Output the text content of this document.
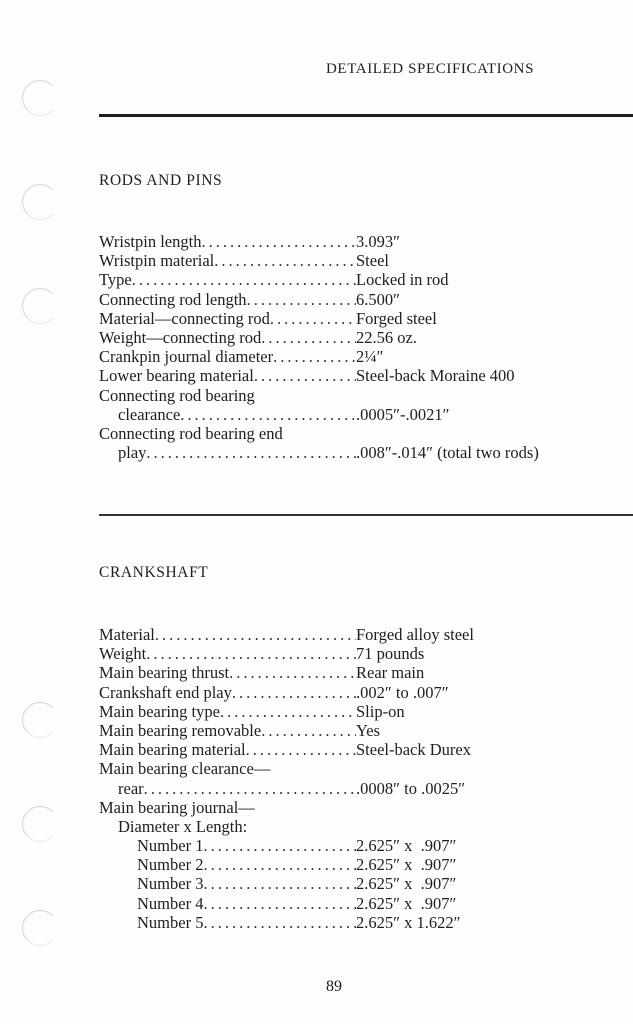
DETAILED SPECIFICATIONS
RODS AND PINS
Wristpin length .....	3.093″
Wristpin material .....	Steel
Type .....	Locked in rod
Connecting rod length .....	6.500″
Material—connecting rod .....	Forged steel
Weight—connecting rod .....	22.56 oz.
Crankpin journal diameter .....	2¼″
Lower bearing material .....	Steel-back Moraine 400
Connecting rod bearing
clearance .....	.0005″-.0021″
Connecting rod bearing end
play .....	.008″-.014″ (total two rods)
CRANKSHAFT
Material .....	Forged alloy steel
Weight .....	71 pounds
Main bearing thrust .....	Rear main
Crankshaft end play .....	.002″ to .007″
Main bearing type .....	Slip-on
Main bearing removable .....	Yes
Main bearing material .....	Steel-back Durex
Main bearing clearance—
rear .....	.0008″ to .0025″
Main bearing journal—
Diameter x Length:
Number 1 .....	2.625″ x  .907″
Number 2 .....	2.625″ x  .907″
Number 3 .....	2.625″ x  .907″
Number 4 .....	2.625″ x  .907″
Number 5 .....	2.625″ x 1.622″
89
